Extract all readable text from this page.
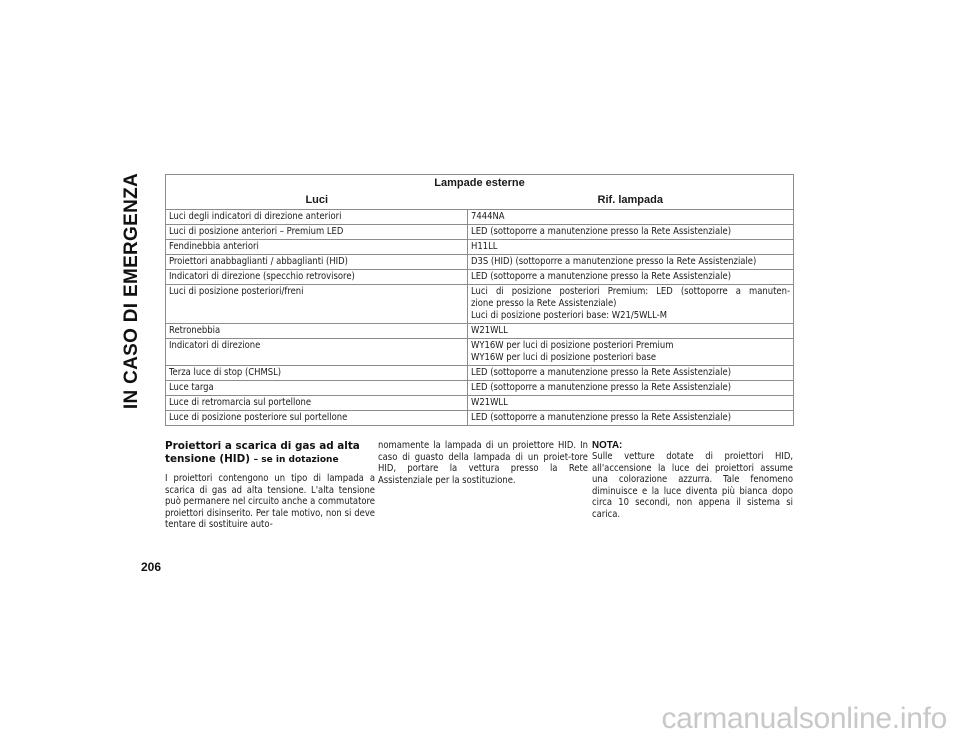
IN CASO DI EMERGENZA	Lampade esterne	
Luci	Rif. lampada
Luci degli indicatori di direzione anteriori	7444NA

Luci di posizione anteriori – Premium LED	LED (sottoporre a manutenzione presso la Rete Assistenziale)

Fendinebbia anteriori	H11LL

Proiettori anabbaglianti / abbaglianti (HID)	D3S (HID) (sottoporre a manutenzione presso la Rete Assistenziale)

Indicatori di direzione (specchio retrovisore)	LED (sottoporre a manutenzione presso la Rete Assistenziale)

Luci di posizione posteriori/freni	Luci di posizione posteriori Premium: LED (sottoporre a manuten-
zione presso la Rete Assistenziale)
Luci di posizione posteriori base: W21/5WLL-M

Retronebbia	W21WLL

Indicatori di direzione	WY16W per luci di posizione posteriori Premium
WY16W per luci di posizione posteriori base

Terza luce di stop (CHMSL)	LED (sottoporre a manutenzione presso la Rete Assistenziale)

Luce targa	LED (sottoporre a manutenzione presso la Rete Assistenziale)

Luce di retromarcia sul portellone	W21WLL

Luce di posizione posteriore sul portellone	LED (sottoporre a manutenzione presso la Rete Assistenziale)
Proiettori a scarica di gas ad alta tensione (HID) – se in dotazione

I proiettori contengono un tipo di lampada a scarica di gas ad alta tensione. L'alta tensione può permanere nel circuito anche a commutatore proiettori disinserito. Per tale motivo, non si deve tentare di sostituire auto-

nomamente la lampada di un proiettore HID. In caso di guasto della lampada di un proiet-tore HID, portare la vettura presso la Rete Assistenziale per la sostituzione.

NOTA:

Sulle vetture dotate di proiettori HID, all'accensione la luce dei proiettori assume una colorazione azzurra. Tale fenomeno diminuisce e la luce diventa più bianca dopo circa 10 secondi, non appena il sistema si carica.

206
carmanualsonline.info
